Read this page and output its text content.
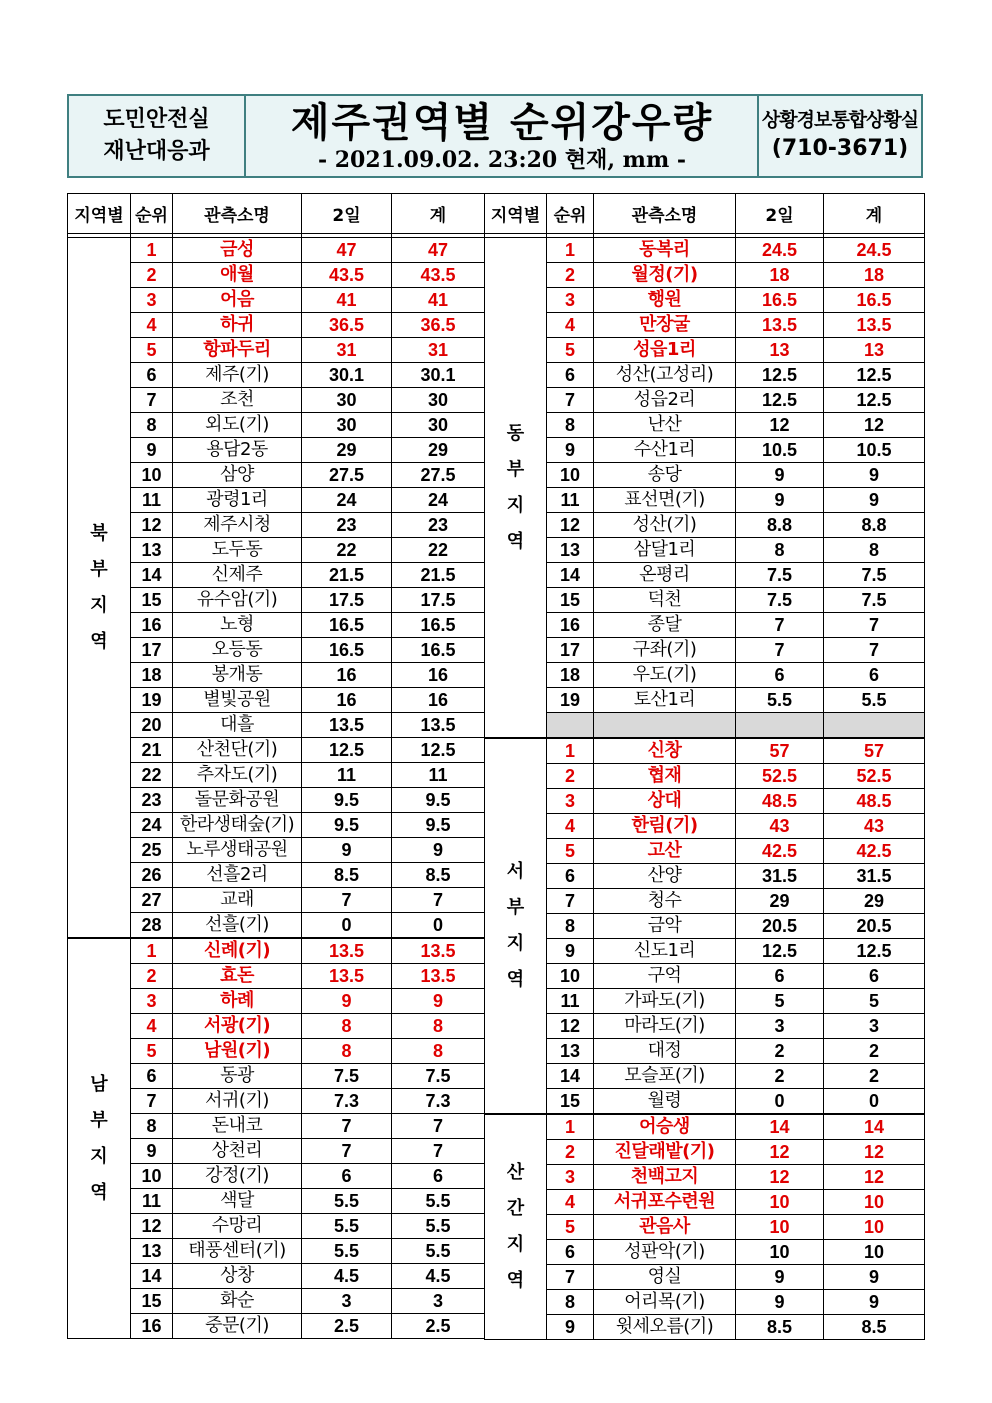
도민안전실
재난대응과
제주권역별 순위강우량
- 2021.09.02. 23:20 현재, mm -
상황경보통합상황실
(710-3671)
지역별	순위	관측소명	2일	계

북
부
지
역	1	금성	47	47
	2	애월	43.5	43.5
	3	어음	41	41
	4	하귀	36.5	36.5
	5	항파두리	31	31
	6	제주(기)	30.1	30.1
	7	조천	30	30
	8	외도(기)	30	30
	9	용담2동	29	29
	10	삼양	27.5	27.5
	11	광령1리	24	24
	12	제주시청	23	23
	13	도두동	22	22
	14	신제주	21.5	21.5
	15	유수암(기)	17.5	17.5
	16	노형	16.5	16.5
	17	오등동	16.5	16.5
	18	봉개동	16	16
	19	별빛공원	16	16
	20	대흘	13.5	13.5
	21	산천단(기)	12.5	12.5
	22	추자도(기)	11	11
	23	돌문화공원	9.5	9.5
	24	한라생태숲(기)	9.5	9.5
	25	노루생태공원	9	9
	26	선흘2리	8.5	8.5
	27	교래	7	7
	28	선흘(기)	0	0

남
부
지
역	1	신례(기)	13.5	13.5
	2	효돈	13.5	13.5
	3	하례	9	9
	4	서광(기)	8	8
	5	남원(기)	8	8
	6	동광	7.5	7.5
	7	서귀(기)	7.3	7.3
	8	돈내코	7	7
	9	상천리	7	7
	10	강정(기)	6	6
	11	색달	5.5	5.5
	12	수망리	5.5	5.5
	13	태풍센터(기)	5.5	5.5
	14	상창	4.5	4.5
	15	화순	3	3
	16	중문(기)	2.5	2.5
지역별	순위	관측소명	2일	계

동
부
지
역	1	동복리	24.5	24.5
	2	월정(기)	18	18
	3	행원	16.5	16.5
	4	만장굴	13.5	13.5
	5	성읍1리	13	13
	6	성산(고성리)	12.5	12.5
	7	성읍2리	12.5	12.5
	8	난산	12	12
	9	수산1리	10.5	10.5
	10	송당	9	9
	11	표선면(기)	9	9
	12	성산(기)	8.8	8.8
	13	삼달1리	8	8
	14	온평리	7.5	7.5
	15	덕천	7.5	7.5
	16	종달	7	7
	17	구좌(기)	7	7
	18	우도(기)	6	6
	19	토산1리	5.5	5.5

서
부
지
역	1	신창	57	57
	2	협재	52.5	52.5
	3	상대	48.5	48.5
	4	한림(기)	43	43
	5	고산	42.5	42.5
	6	산양	31.5	31.5
	7	청수	29	29
	8	금악	20.5	20.5
	9	신도1리	12.5	12.5
	10	구억	6	6
	11	가파도(기)	5	5
	12	마라도(기)	3	3
	13	대정	2	2
	14	모슬포(기)	2	2
	15	월령	0	0

산
간
지
역	1	어승생	14	14
	2	진달래밭(기)	12	12
	3	천백고지	12	12
	4	서귀포수련원	10	10
	5	관음사	10	10
	6	성판악(기)	10	10
	7	영실	9	9
	8	어리목(기)	9	9
	9	윗세오름(기)	8.5	8.5
